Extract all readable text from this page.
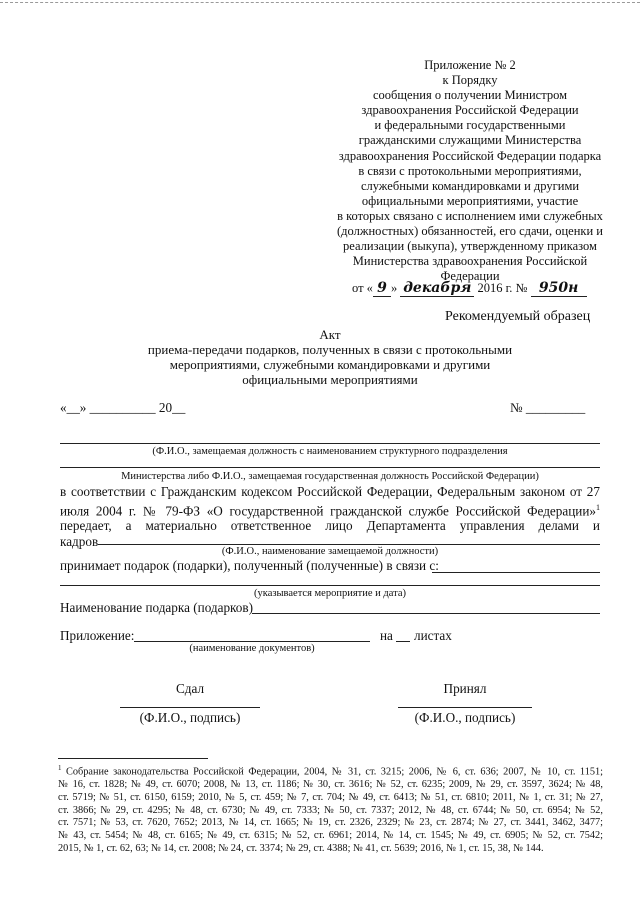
Приложение № 2
к Порядку
сообщения о получении Министром
здравоохранения Российской Федерации
и федеральными государственными
гражданскими служащими Министерства
здравоохранения Российской Федерации подарка
в связи с протокольными мероприятиями,
служебными командировками и другими
официальными мероприятиями, участие
в которых связано с исполнением ими служебных
(должностных) обязанностей, его сдачи, оценки и
реализации (выкупа), утвержденному приказом
Министерства здравоохранения Российской
Федерации
от « 9 » декабря 2016 г. № 950н
Рекомендуемый образец
Акт
приема-передачи подарков, полученных в связи с протокольными
мероприятиями, служебными командировками и другими
официальными мероприятиями
«__» __________ 20__	№ _________
(Ф.И.О., замещаемая должность с наименованием структурного подразделения
Министерства либо Ф.И.О., замещаемая государственная должность Российской Федерации)
в соответствии с Гражданским кодексом Российской Федерации, Федеральным законом от 27
июля 2004 г. № 79-ФЗ «О государственной гражданской службе Российской Федерации»$^1$
передает, а материально ответственное лицо Департамента управления делами и
кадров
(Ф.И.О., наименование замещаемой должности)
принимает подарок (подарки), полученный (полученные) в связи с:
(указывается мероприятие и дата)
Наименование подарка (подарков)
Приложение:	на листах
(наименование документов)
Сдал
(Ф.И.О., подпись)
Принял
(Ф.И.О., подпись)
$^1$ Собрание законодательства Российской Федерации, 2004, № 31, ст. 3215; 2006, № 6, ст. 636; 2007, № 10, ст. 1151;
№ 16, ст. 1828; № 49, ст. 6070; 2008, № 13, ст. 1186; № 30, ст. 3616; № 52, ст. 6235; 2009, № 29, ст. 3597, 3624; № 48,
ст. 5719; № 51, ст. 6150, 6159; 2010, № 5, ст. 459; № 7, ст. 704; № 49, ст. 6413; № 51, ст. 6810; 2011, № 1, ст. 31; № 27,
ст. 3866; № 29, ст. 4295; № 48, ст. 6730; № 49, ст. 7333; № 50, ст. 7337; 2012, № 48, ст. 6744; № 50, ст. 6954; № 52,
ст. 7571; № 53, ст. 7620, 7652; 2013, № 14, ст. 1665; № 19, ст. 2326, 2329; № 23, ст. 2874; № 27, ст. 3441, 3462, 3477;
№ 43, ст. 5454; № 48, ст. 6165; № 49, ст. 6315; № 52, ст. 6961; 2014, № 14, ст. 1545; № 49, ст. 6905; № 52, ст. 7542;
2015, № 1, ст. 62, 63; № 14, ст. 2008; № 24, ст. 3374; № 29, ст. 4388; № 41, ст. 5639; 2016, № 1, ст. 15, 38, № 144.
